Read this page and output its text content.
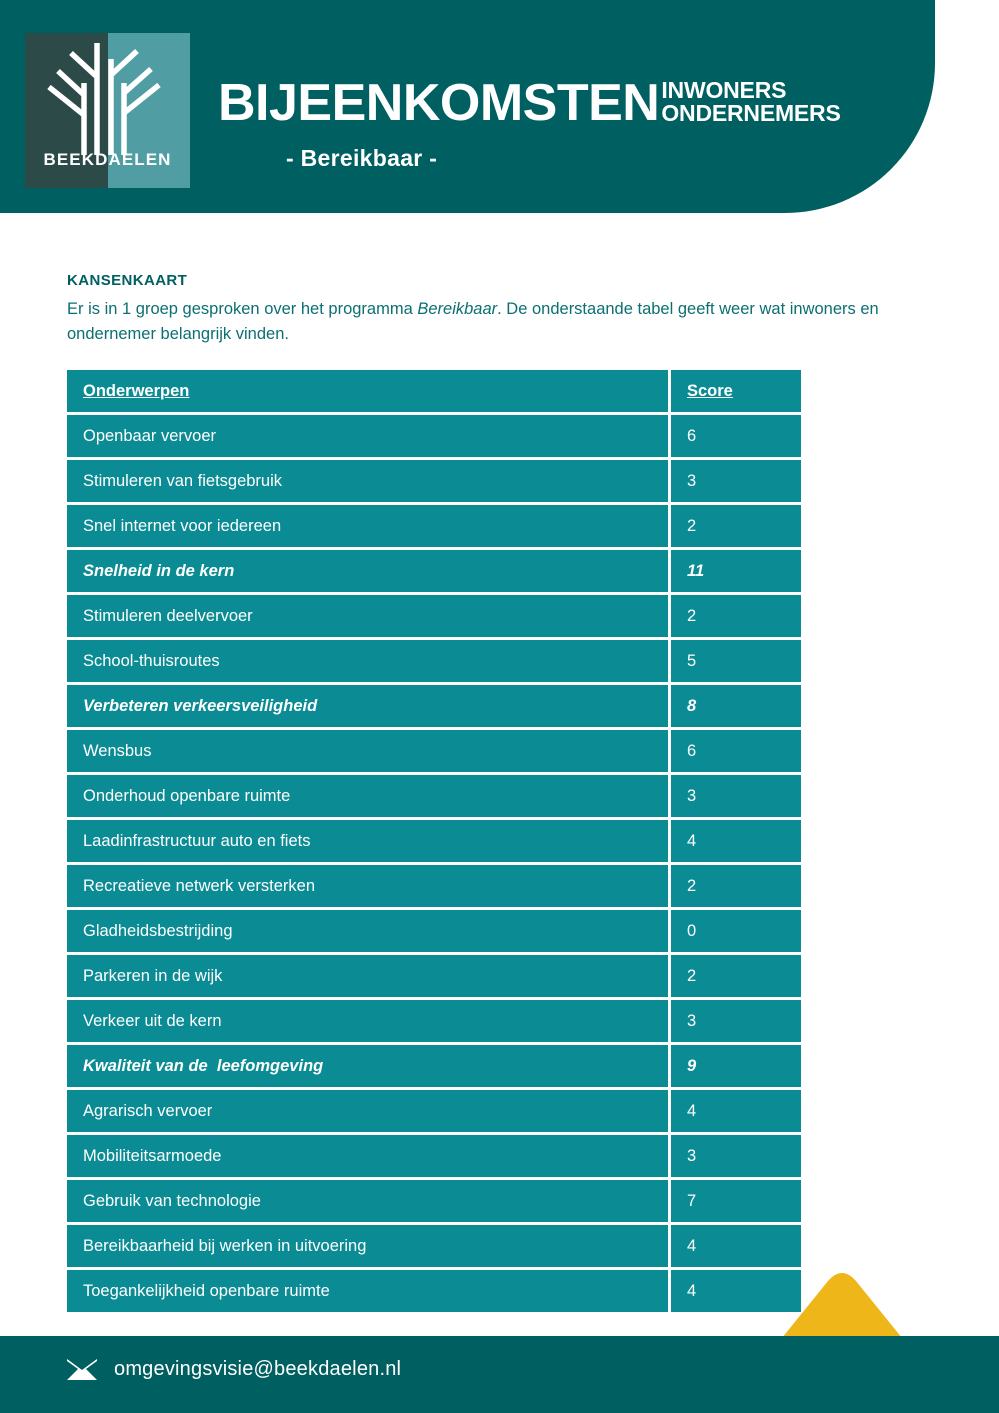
BEEKDAELEN
BIJEENKOMSTEN INWONERS
ONDERNEMERS
- Bereikbaar -

KANSENKAART

Er is in 1 groep gesproken over het programma Bereikbaar. De onderstaande tabel geeft weer wat inwoners en ondernemer belangrijk vinden.

Onderwerpen	Score
Openbaar vervoer	6
Stimuleren van fietsgebruik	3
Snel internet voor iedereen	2
Snelheid in de kern	11
Stimuleren deelvervoer	2
School-thuisroutes	5
Verbeteren verkeersveiligheid	8
Wensbus	6
Onderhoud openbare ruimte	3
Laadinfrastructuur auto en fiets	4
Recreatieve netwerk versterken	2
Gladheidsbestrijding	0
Parkeren in de wijk	2
Verkeer uit de kern	3
Kwaliteit van de  leefomgeving	9
Agrarisch vervoer	4
Mobiliteitsarmoede	3
Gebruik van technologie	7
Bereikbaarheid bij werken in uitvoering	4
Toegankelijkheid openbare ruimte	4
omgevingsvisie@beekdaelen.nl
